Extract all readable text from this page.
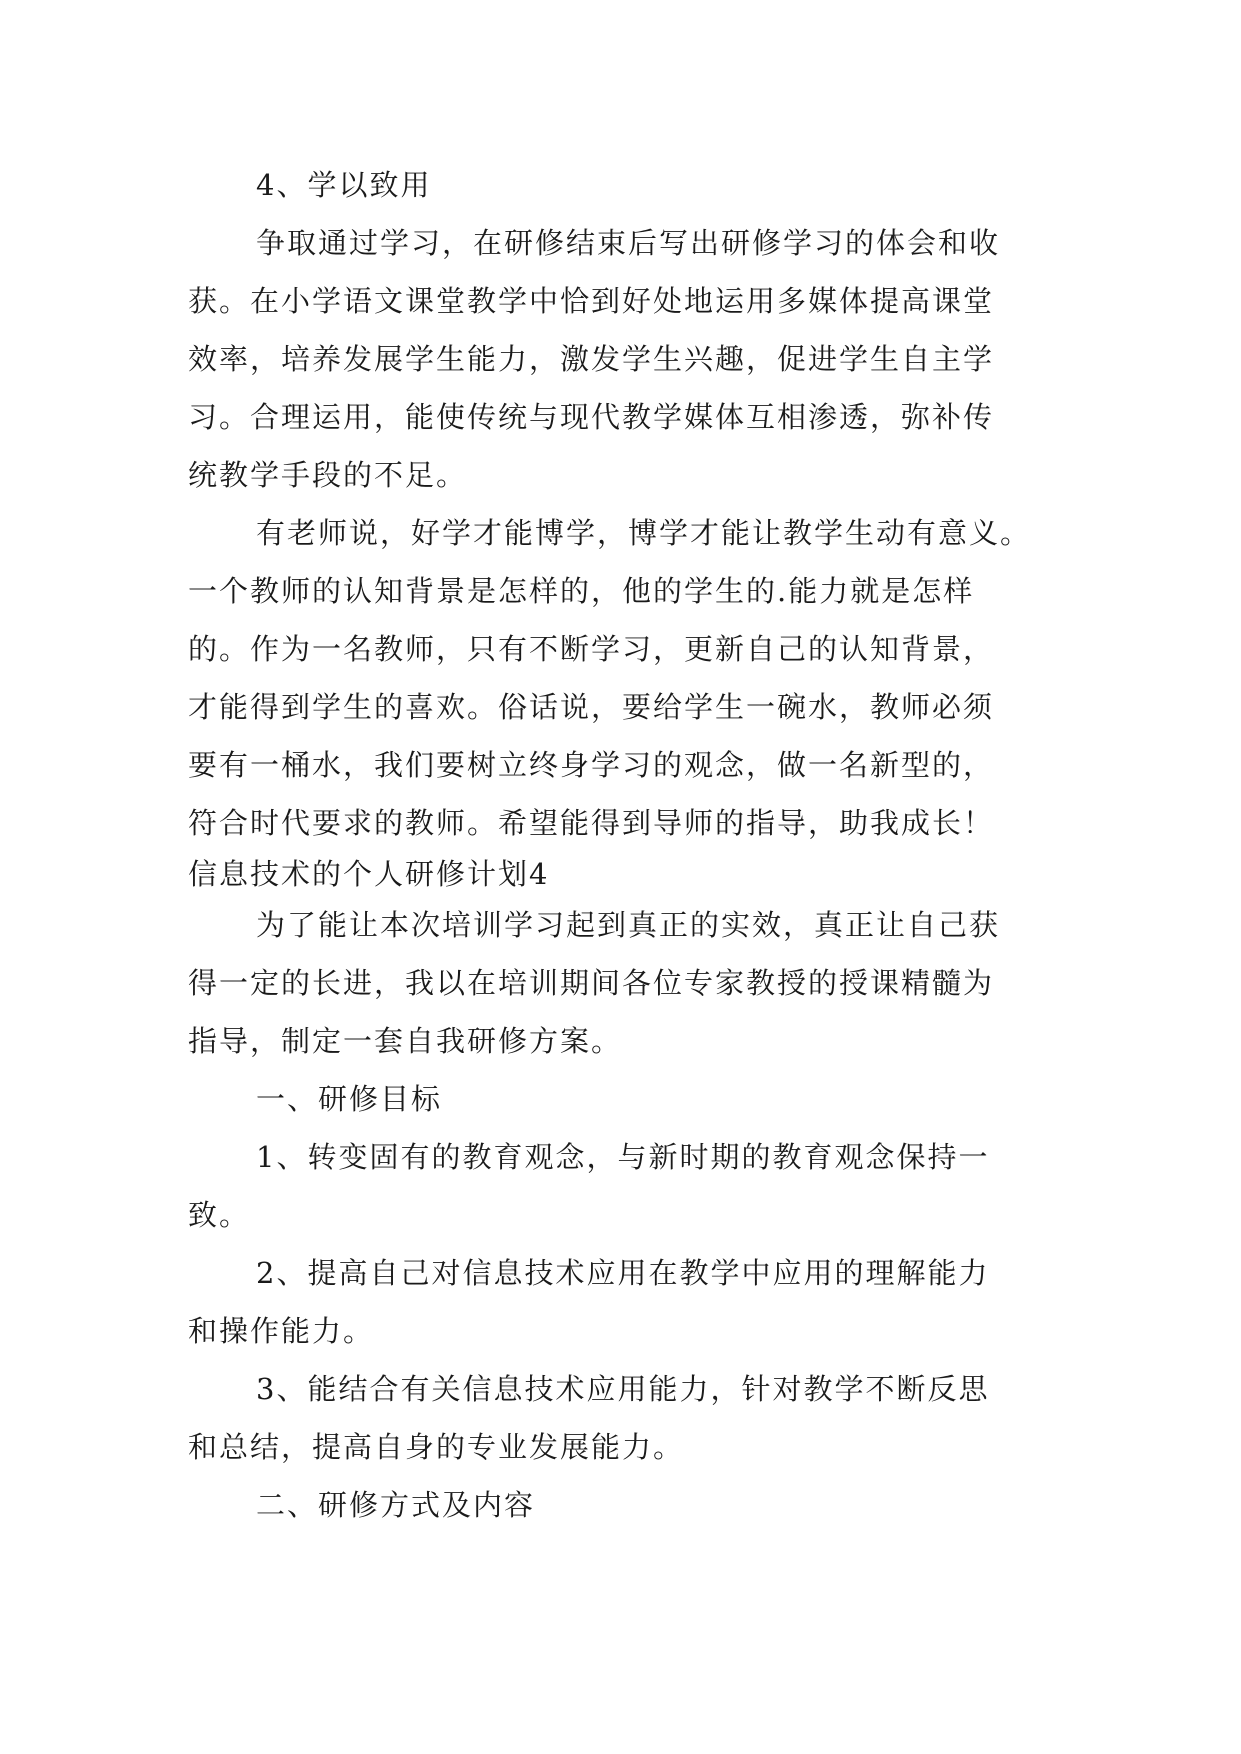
4、学以致用
争取通过学习，在研修结束后写出研修学习的体会和收
获。在小学语文课堂教学中恰到好处地运用多媒体提高课堂
效率，培养发展学生能力，激发学生兴趣，促进学生自主学
习。合理运用，能使传统与现代教学媒体互相渗透，弥补传
统教学手段的不足。
有老师说，好学才能博学，博学才能让教学生动有意义。
一个教师的认知背景是怎样的，他的学生的.能力就是怎样
的。作为一名教师，只有不断学习，更新自己的认知背景，
才能得到学生的喜欢。俗话说，要给学生一碗水，教师必须
要有一桶水，我们要树立终身学习的观念，做一名新型的，
符合时代要求的教师。希望能得到导师的指导，助我成长！
信息技术的个人研修计划4
为了能让本次培训学习起到真正的实效，真正让自己获
得一定的长进，我以在培训期间各位专家教授的授课精髓为
指导，制定一套自我研修方案。
一、研修目标
1、转变固有的教育观念，与新时期的教育观念保持一
致。
2、提高自己对信息技术应用在教学中应用的理解能力
和操作能力。
3、能结合有关信息技术应用能力，针对教学不断反思
和总结，提高自身的专业发展能力。
二、研修方式及内容
